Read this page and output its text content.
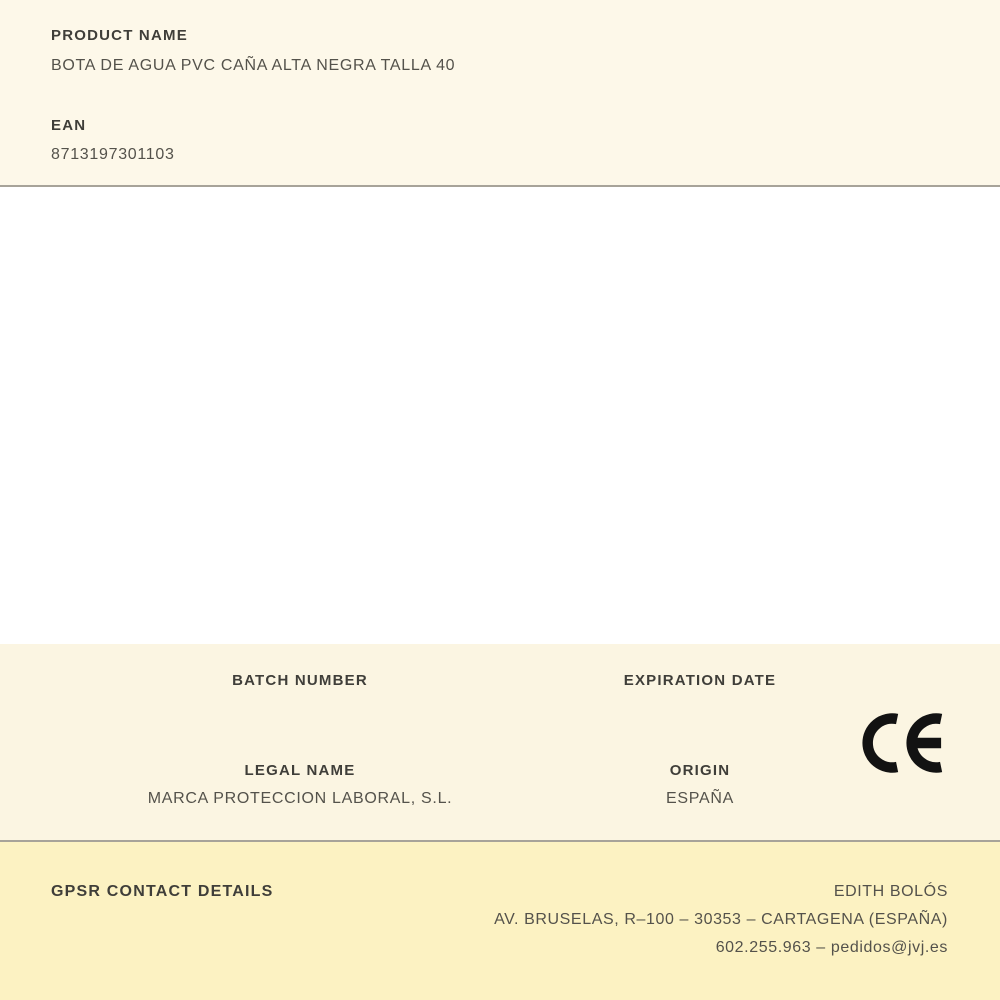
PRODUCT NAME
BOTA DE AGUA PVC CAÑA ALTA NEGRA TALLA 40
EAN
8713197301103
BATCH NUMBER
LEGAL NAME
MARCA PROTECCION LABORAL, S.L.
EXPIRATION DATE
ORIGIN
ESPAÑA
GPSR CONTACT DETAILS	EDITH BOLÓS
AV. BRUSELAS, R–100 – 30353 – CARTAGENA (ESPAÑA)
602.255.963 – pedidos@jvj.es
